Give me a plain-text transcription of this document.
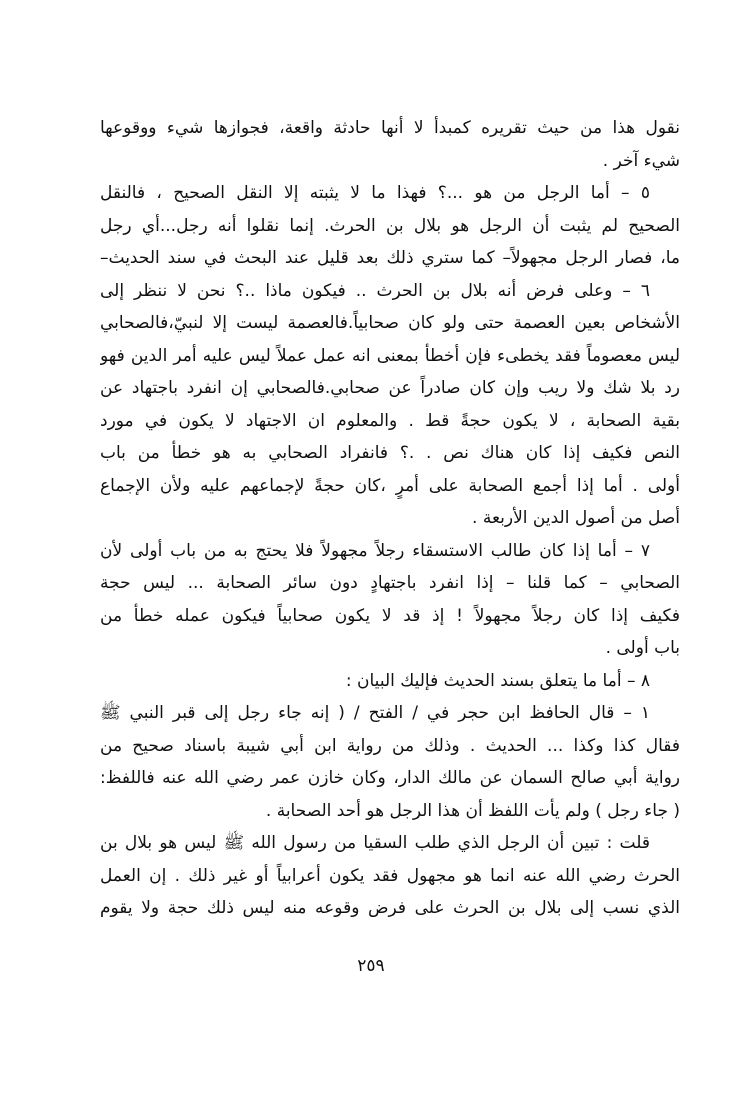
نقول هذا من حيث تقريره كمبدأ لا أنها حادثة واقعة، فجوازها شيء ووقوعها
شيء آخر .
٥ – أما الرجل من هو ...؟ فهذا ما لا يثبته إلا النقل الصحيح ، فالنقل
الصحيح لم يثبت أن الرجل هو بلال بن الحرث. إنما نقلوا أنه رجل...أي رجل
ما، فصار الرجل مجهولاً– كما ستري ذلك بعد قليل عند البحث في سند الحديث–
٦ – وعلى فرض أنه بلال بن الحرث .. فيكون ماذا ..؟ نحن لا ننظر إلى
الأشخاص بعين العصمة حتى ولو كان صحابياً.فالعصمة ليست إلا لنبيّ،فالصحابي
ليس معصوماً فقد يخطىء فإن أخطأ بمعنى انه عمل عملاً ليس عليه أمر الدين فهو
رد بلا شك ولا ريب وإن كان صادراً عن صحابي.فالصحابي إن انفرد باجتهاد عن
بقية الصحابة ، لا يكون حجةً قط . والمعلوم ان الاجتهاد لا يكون في مورد
النص فكيف إذا كان هناك نص . .؟ فانفراد الصحابي به هو خطأ من باب
أولى . أما إذا أجمع الصحابة على أمرٍ ،كان حجةً لإجماعهم عليه ولأن الإجماع
أصل من أصول الدين الأربعة .
٧ – أما إذا كان طالب الاستسقاء رجلاً مجهولاً فلا يحتج به من باب أولى لأن
الصحابي – كما قلنا – إذا انفرد باجتهادٍ دون سائر الصحابة ... ليس حجة
فكيف إذا كان رجلاً مجهولاً ! إذ قد لا يكون صحابياً فيكون عمله خطأ من
باب أولى .
٨ – أما ما يتعلق بسند الحديث فإليك البيان :
١ – قال الحافظ ابن حجر في / الفتح / ( إنه جاء رجل إلى قبر النبي ﷺ
فقال كذا وكذا ... الحديث . وذلك من رواية ابن أبي شيبة باسناد صحيح من
رواية أبي صالح السمان عن مالك الدار، وكان خازن عمر رضي الله عنه فاللفظ:
( جاء رجل ) ولم يأت اللفظ أن هذا الرجل هو أحد الصحابة .
قلت : تبين أن الرجل الذي طلب السقيا من رسول الله ﷺ ليس هو بلال بن
الحرث رضي الله عنه انما هو مجهول فقد يكون أعرابياً أو غير ذلك . إن العمل
الذي نسب إلى بلال بن الحرث على فرض وقوعه منه ليس ذلك حجة ولا يقوم
٢٥٩
